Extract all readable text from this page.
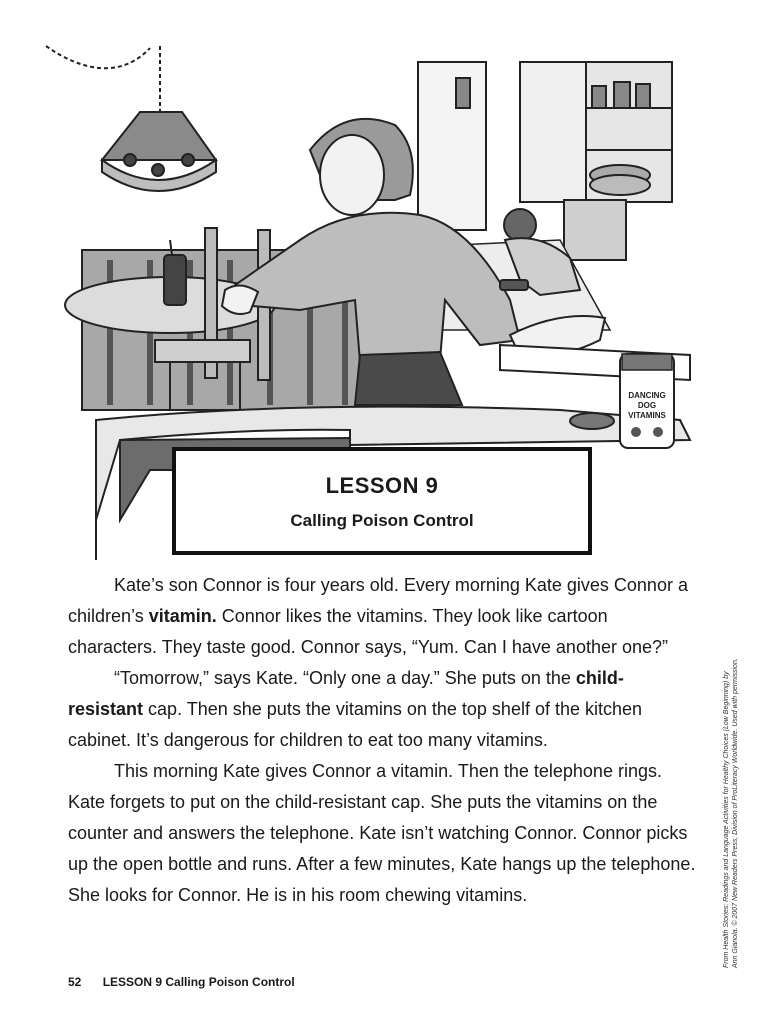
DANCING
DOG
VITAMINS
LESSON 9
Calling Poison Control

Kate’s son Connor is four years old. Every morning Kate gives Connor a children’s vitamin. Connor likes the vitamins. They look like cartoon characters. They taste good. Connor says, “Yum. Can I have another one?”

“Tomorrow,” says Kate. “Only one a day.” She puts on the child-resistant cap. Then she puts the vitamins on the top shelf of the kitchen cabinet. It’s dangerous for children to eat too many vitamins.

This morning Kate gives Connor a vitamin. Then the telephone rings. Kate forgets to put on the child-resistant cap. She puts the vitamins on the counter and answers the telephone. Kate isn’t watching Connor. Connor picks up the open bottle and runs. After a few minutes, Kate hangs up the telephone. She looks for Connor. He is in his room chewing vitamins.

52 LESSON 9 Calling Poison Control
From Health Stories: Readings and Language Activities for Healthy Choices (Low Beginning) by Ann Gianola. © 2007 New Readers Press, Division of ProLiteracy Worldwide. Used with permission.
